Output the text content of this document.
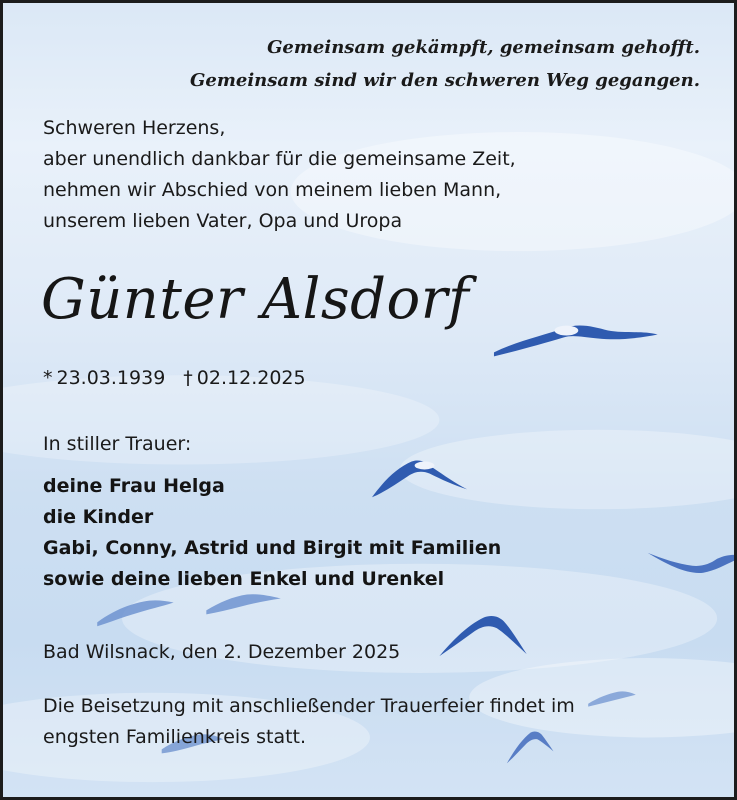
Gemeinsam gekämpft, gemeinsam gehofft.
Gemeinsam sind wir den schweren Weg gegangen.
Schweren Herzens,
aber unendlich dankbar für die gemeinsame Zeit,
nehmen wir Abschied von meinem lieben Mann,
unserem lieben Vater, Opa und Uropa
Günter Alsdorf
* 23.03.1939 † 02.12.2025
In stiller Trauer:
deine Frau Helga
die Kinder
Gabi, Conny, Astrid und Birgit mit Familien
sowie deine lieben Enkel und Urenkel
Bad Wilsnack, den 2. Dezember 2025
Die Beisetzung mit anschließender Trauerfeier findet im
engsten Familienkreis statt.
